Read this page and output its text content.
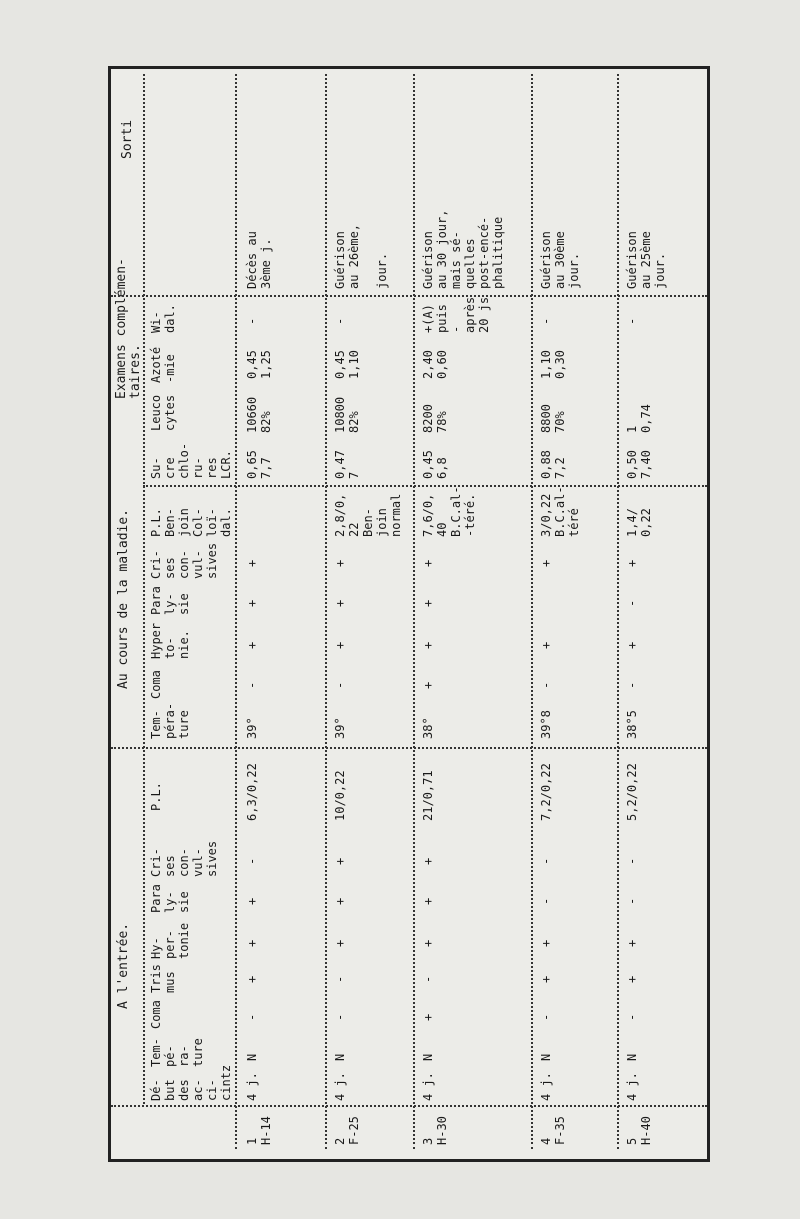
A l'entrée.
Au cours de la maladie.
Examens complémen-
taires.
Sorti
Dé-
but
des
ac-
ci-
cintz
Tem-
pé-
ra-
ture

Coma
Tris
mus
Hy-
per-
tonie
Para
ly-
sie
Cri-
ses
con-
vul-
sives
P.L.
Tem-
péra-
ture
Coma
Hyper
to-
nie.
Para
ly-
sie
Cri-
ses
con-
vul-
sives
P.L.
Ben-
join
Col-
loï-
dal.
Su-
cre
chlo-
ru-
res
LCR.
Leuco
cytes
Azoté
-mie
Wi-
dal.
1
H-14
4 j.
N
-
+
+
+
-
6,3/0,22
39°
-
+
+
+
0,65
7,7
10660
82%
0,45
1,25
-
Décès au
3ème j.
2
F-25
4 j.
N
-
-
+
+
+
10/0,22
39°
-
+
+
+
2,8/0,
22
Ben-
join
normal
0,47
7
10800
82%
0,45
1,10
-
Guérison
au 26ème,

jour.
3
H-30
4 j.
N
+
-
+
+
+
21/0,71
38°
+
+
+
+
7,6/0,
40
B.C.al-
-téré.
0,45
6,8
8200
78%
2,40
0,60
+(A)
puis
-
après
20 js
Guérison
au 30 jour,
mais sé-
quelles
post-encé-
phalitique
4
F-35
4 j.
N
-
+
+
-
-
7,2/0,22
39°8
-
+
+
3/0,22
B.C.al-
téré
0,88
7,2
8800
70%
1,10
0,30
-
Guérison
au 30ème
jour.
5
H-40
4 j.
N
-
+
+
-
-
5,2/0,22
38°5
-
+
-
+
1,4/
0,22
0,50
7,40
1
0,74
-
Guérison
au 25ème
jour.
